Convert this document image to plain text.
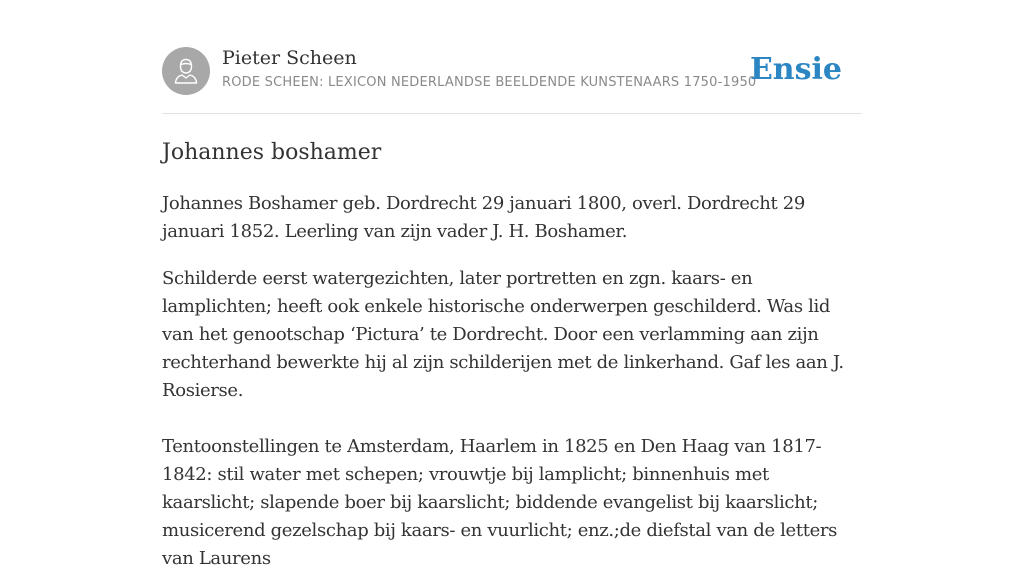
Pieter Scheen
RODE SCHEEN: LEXICON NEDERLANDSE BEELDENDE KUNSTENAARS 1750-1950
Ensie
Johannes boshamer

Johannes Boshamer geb. Dordrecht 29 januari 1800, overl. Dordrecht 29 januari 1852. Leerling van zijn vader J. H. Boshamer.

Schilderde eerst watergezichten, later portretten en zgn. kaars- en lamplichten; heeft ook enkele historische onderwerpen geschilderd. Was lid van het genootschap ‘Pictura’ te Dordrecht. Door een verlamming aan zijn rechterhand bewerkte hij al zijn schilderijen met de linkerhand. Gaf les aan J. Rosierse.

Tentoonstellingen te Amsterdam, Haarlem in 1825 en Den Haag van 1817-1842: stil water met schepen; vrouwtje bij lamplicht; binnenhuis met kaarslicht; slapende boer bij kaarslicht; biddende evangelist bij kaarslicht; musicerend gezelschap bij kaars- en vuurlicht; enz.;de diefstal van de letters van Laurens
